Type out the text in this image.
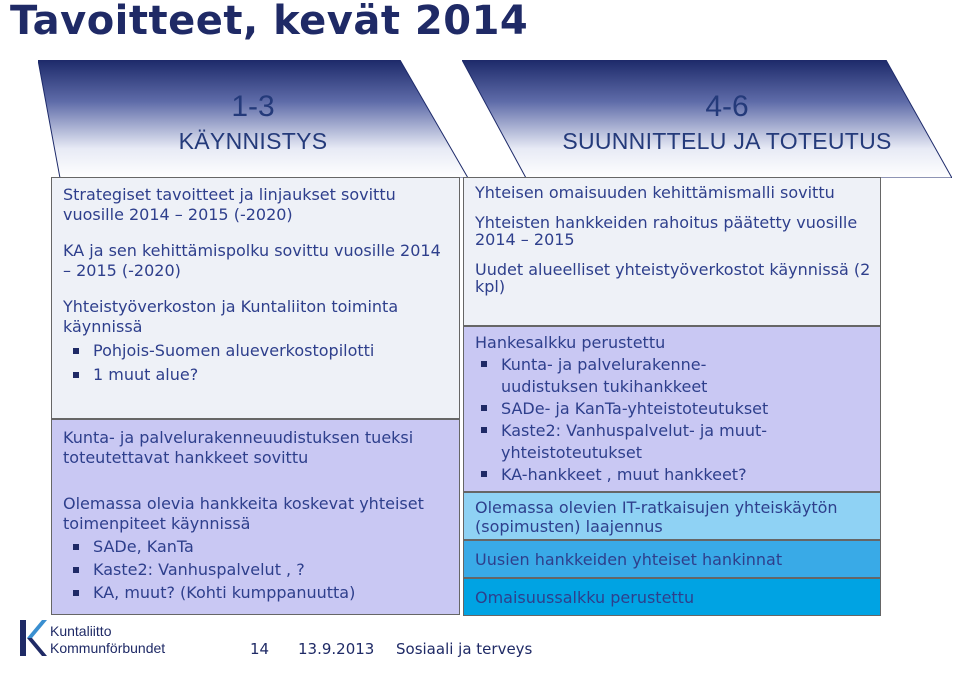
Tavoitteet, kevät 2014
1-3
KÄYNNISTYS
4-6
SUUNNITTELU JA TOTEUTUS
Strategiset tavoitteet ja linjaukset sovittu vuosille 2014 – 2015 (-2020)
KA ja sen kehittämispolku sovittu vuosille 2014 – 2015 (-2020)
Yhteistyöverkoston ja Kuntaliiton toiminta käynnissä
Pohjois-Suomen alueverkostopilotti
1 muut alue?
Kunta- ja palvelurakenneuudistuksen tueksi toteutettavat hankkeet sovittu
Olemassa olevia hankkeita koskevat yhteiset toimenpiteet käynnissä
SADe, KanTa
Kaste2: Vanhuspalvelut , ?
KA, muut? (Kohti kumppanuutta)
Yhteisen omaisuuden kehittämismalli sovittu
Yhteisten hankkeiden rahoitus päätetty vuosille 2014 – 2015
Uudet alueelliset yhteistyöverkostot käynnissä (2 kpl)
Hankesalkku perustettu
Kunta- ja palvelurakenne-uudistuksen tukihankkeet
SADe- ja KanTa-yhteistoteutukset
Kaste2: Vanhuspalvelut- ja muut-yhteistoteutukset
KA-hankkeet , muut hankkeet?
Olemassa olevien IT-ratkaisujen yhteiskäytön (sopimusten) laajennus
Uusien hankkeiden yhteiset hankinnat
Omaisuussalkku perustettu
Kuntaliitto
Kommunförbundet	14 13.9.2013 Sosiaali ja terveys
